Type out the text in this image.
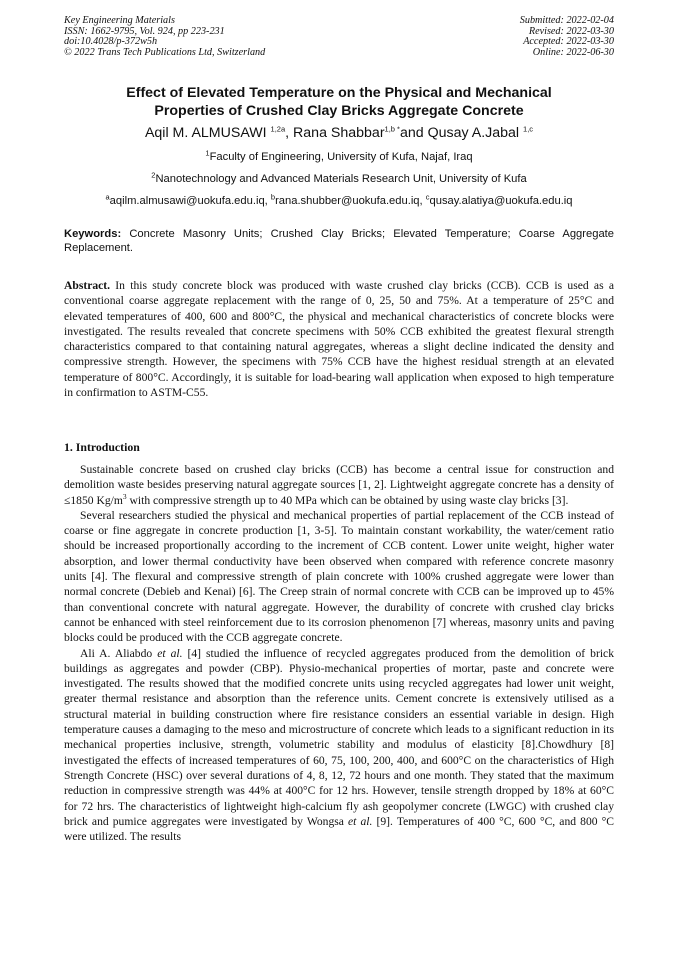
Key Engineering Materials
ISSN: 1662-9795, Vol. 924, pp 223-231
doi:10.4028/p-372w5h
© 2022 Trans Tech Publications Ltd, Switzerland
Submitted: 2022-02-04
Revised: 2022-03-30
Accepted: 2022-03-30
Online: 2022-06-30
Effect of Elevated Temperature on the Physical and Mechanical
Properties of Crushed Clay Bricks Aggregate Concrete
Aqil M. ALMUSAWI $^{1,2a}$, Rana Shabbar$^{1,b *}$and Qusay A.Jabal $^{1,c}$
$^1$Faculty of Engineering, University of Kufa, Najaf, Iraq
$^2$Nanotechnology and Advanced Materials Research Unit, University of Kufa
$^a$aqilm.almusawi@uokufa.edu.iq, $^b$rana.shubber@uokufa.edu.iq, $^c$qusay.alatiya@uokufa.edu.iq
Keywords: Concrete Masonry Units; Crushed Clay Bricks; Elevated Temperature; Coarse Aggregate Replacement.
Abstract. In this study concrete block was produced with waste crushed clay bricks (CCB). CCB is used as a conventional coarse aggregate replacement with the range of 0, 25, 50 and 75%. At a temperature of 25°C and elevated temperatures of 400, 600 and 800°C, the physical and mechanical characteristics of concrete blocks were investigated. The results revealed that concrete specimens with 50% CCB exhibited the greatest flexural strength characteristics compared to that containing natural aggregates, whereas a slight decline indicated the density and compressive strength. However, the specimens with 75% CCB have the highest residual strength at an elevated temperature of 800°C. Accordingly, it is suitable for load-bearing wall application when exposed to high temperature in confirmation to ASTM-C55.
1. Introduction

Sustainable concrete based on crushed clay bricks (CCB) has become a central issue for construction and demolition waste besides preserving natural aggregate sources [1, 2]. Lightweight aggregate concrete has a density of ≤1850 $Kg/m^3$ with compressive strength up to 40 MPa which can be obtained by using waste clay bricks [3].

Several researchers studied the physical and mechanical properties of partial replacement of the CCB instead of coarse or fine aggregate in concrete production [1, 3-5]. To maintain constant workability, the water/cement ratio should be increased proportionally according to the increment of CCB content. Lower unite weight, higher water absorption, and lower thermal conductivity have been observed when compared with reference concrete masonry units [4]. The flexural and compressive strength of plain concrete with 100% crushed aggregate were lower than normal concrete (Debieb and Kenai) [6]. The Creep strain of normal concrete with CCB can be improved up to 45% than conventional concrete with natural aggregate. However, the durability of concrete with crushed clay bricks cannot be enhanced with steel reinforcement due to its corrosion phenomenon [7] whereas, masonry units and paving blocks could be produced with the CCB aggregate concrete.

Ali A. Aliabdo et al. [4] studied the influence of recycled aggregates produced from the demolition of brick buildings as aggregates and powder (CBP). Physio-mechanical properties of mortar, paste and concrete were investigated. The results showed that the modified concrete units using recycled aggregates had lower unit weight, greater thermal resistance and absorption than the reference units. Cement concrete is extensively utilised as a structural material in building construction where fire resistance considers an essential variable in design. High temperature causes a damaging to the meso and microstructure of concrete which leads to a significant reduction in its mechanical properties inclusive, strength, volumetric stability and modulus of elasticity [8].Chowdhury [8] investigated the effects of increased temperatures of 60, 75, 100, 200, 400, and 600°C on the characteristics of High Strength Concrete (HSC) over several durations of 4, 8, 12, 72 hours and one month. They stated that the maximum reduction in compressive strength was 44% at 400°C for 12 hrs. However, tensile strength dropped by 18% at 60°C for 72 hrs. The characteristics of lightweight high-calcium fly ash geopolymer concrete (LWGC) with crushed clay brick and pumice aggregates were investigated by Wongsa et al. [9]. Temperatures of 400 °C, 600 °C, and 800 °C were utilized. The results
